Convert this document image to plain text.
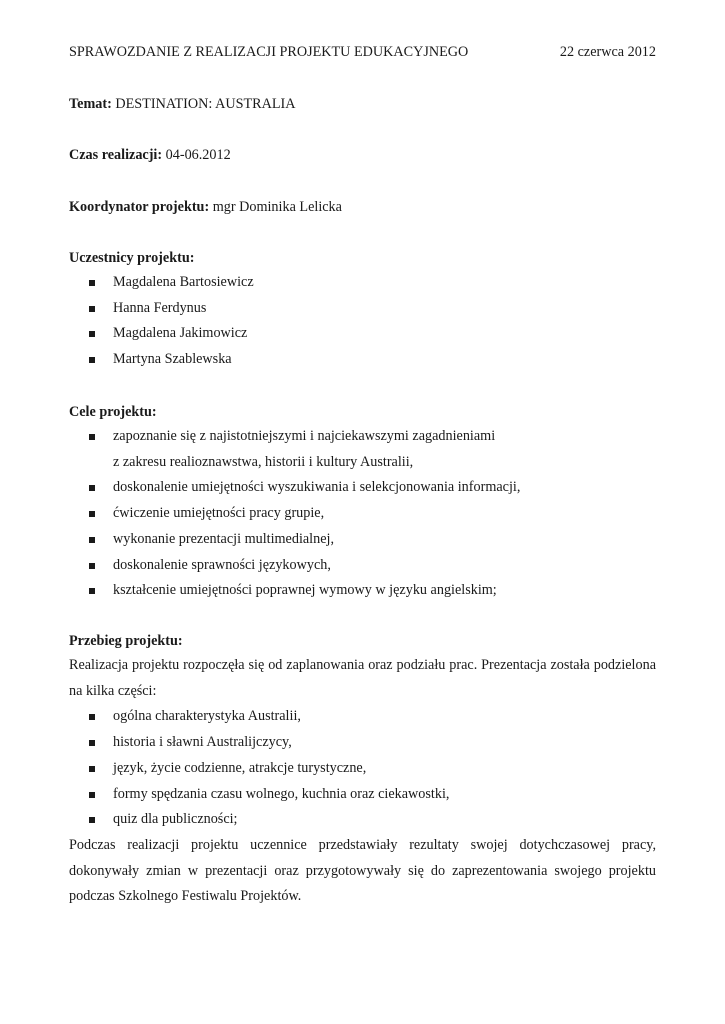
SPRAWOZDANIE Z REALIZACJI PROJEKTU EDUKACYJNEGO	22 czerwca 2012
Temat: DESTINATION: AUSTRALIA
Czas realizacji: 04-06.2012
Koordynator projektu: mgr Dominika Lelicka
Uczestnicy projektu:
Magdalena Bartosiewicz
Hanna Ferdynus
Magdalena Jakimowicz
Martyna Szablewska
Cele projektu:
zapoznanie się z najistotniejszymi i najciekawszymi zagadnieniami
z zakresu realioznawstwa, historii i kultury Australii,
doskonalenie umiejętności wyszukiwania i selekcjonowania informacji,
ćwiczenie umiejętności pracy grupie,
wykonanie prezentacji multimedialnej,
doskonalenie sprawności językowych,
kształcenie umiejętności poprawnej wymowy w języku angielskim;
Przebieg projektu:
Realizacja projektu rozpoczęła się od zaplanowania oraz podziału prac. Prezentacja została podzielona na kilka części:
ogólna charakterystyka Australii,
historia i sławni Australijczycy,
język, życie codzienne, atrakcje turystyczne,
formy spędzania czasu wolnego, kuchnia oraz ciekawostki,
quiz dla publiczności;
Podczas realizacji projektu uczennice przedstawiały rezultaty swojej dotychczasowej pracy, dokonywały zmian w prezentacji oraz przygotowywały się do zaprezentowania swojego projektu podczas Szkolnego Festiwalu Projektów.
